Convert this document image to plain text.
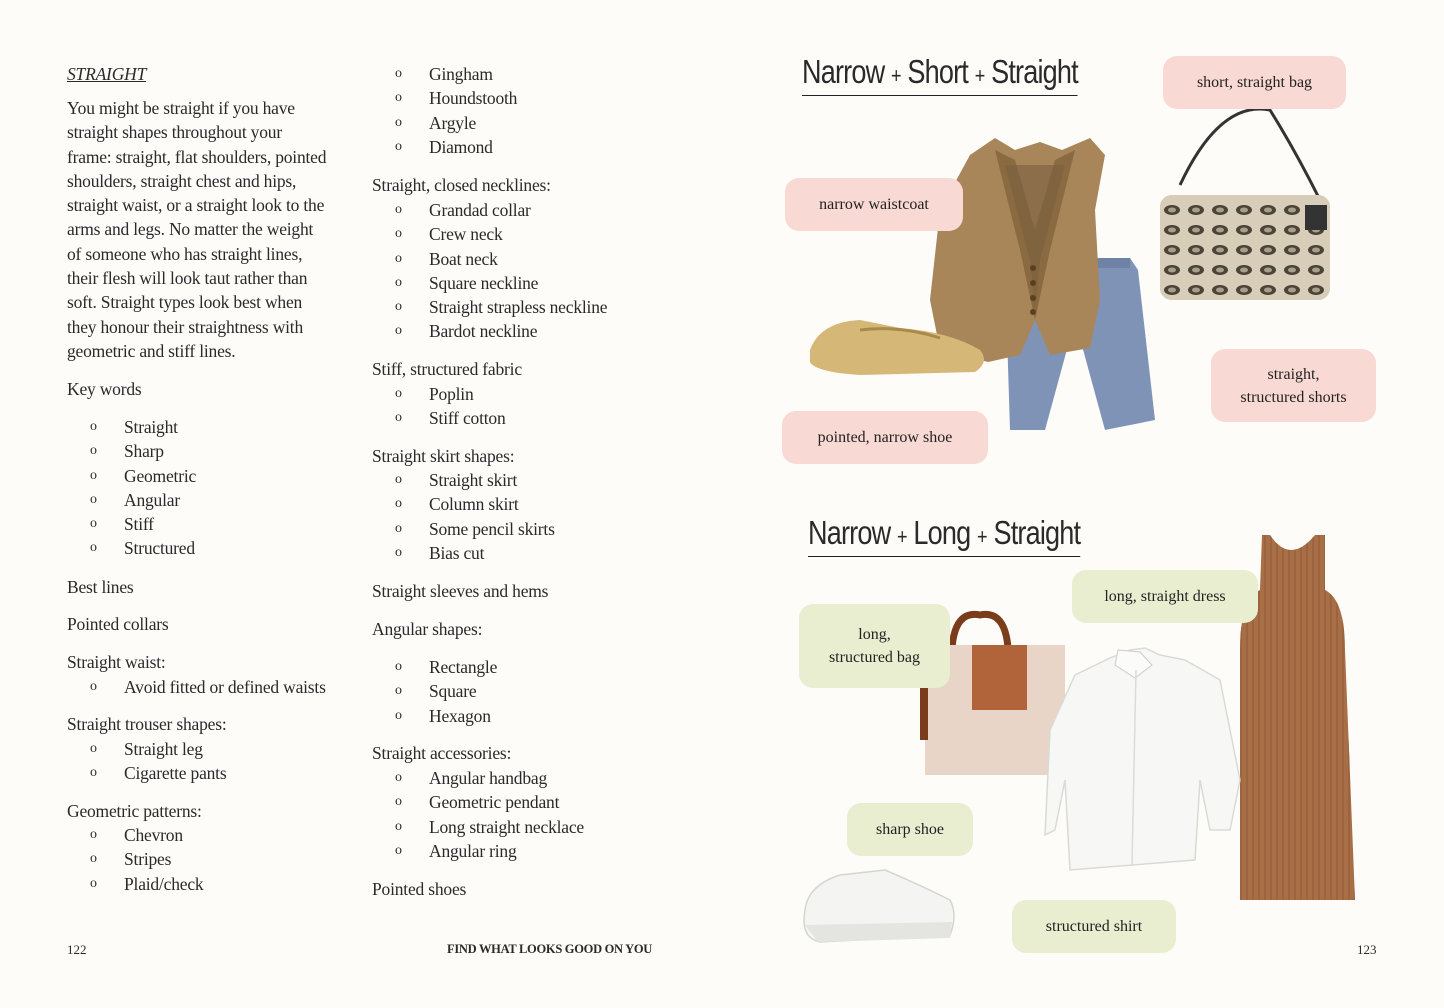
STRAIGHT
You might be straight if you have
straight shapes throughout your
frame: straight, flat shoulders, pointed
shoulders, straight chest and hips,
straight waist, or a straight look to the
arms and legs. No matter the weight
of someone who has straight lines,
their flesh will look taut rather than
soft. Straight types look best when
they honour their straightness with
geometric and stiff lines.
Key words
o Straight
o Sharp
o Geometric
o Angular
o Stiff
o Structured
Best lines
Pointed collars
Straight waist:
o Avoid fitted or defined waists
Straight trouser shapes:
o Straight leg
o Cigarette pants
Geometric patterns:
o Chevron
o Stripes
o Plaid/check
o Gingham
o Houndstooth
o Argyle
o Diamond
Straight, closed necklines:
o Grandad collar
o Crew neck
o Boat neck
o Square neckline
o Straight strapless neckline
o Bardot neckline
Stiff, structured fabric
o Poplin
o Stiff cotton
Straight skirt shapes:
o Straight skirt
o Column skirt
o Some pencil skirts
o Bias cut
Straight sleeves and hems
Angular shapes:
o Rectangle
o Square
o Hexagon
Straight accessories:
o Angular handbag
o Geometric pendant
o Long straight necklace
o Angular ring
Pointed shoes
Narrow + Short + Straight
Narrow + Long + Straight
short, straight bag
narrow waistcoat
straight,
structured shorts
pointed, narrow shoe
long, straight dress
long,
structured bag
sharp shoe
structured shirt
122	FIND WHAT LOOKS GOOD ON YOU	123
